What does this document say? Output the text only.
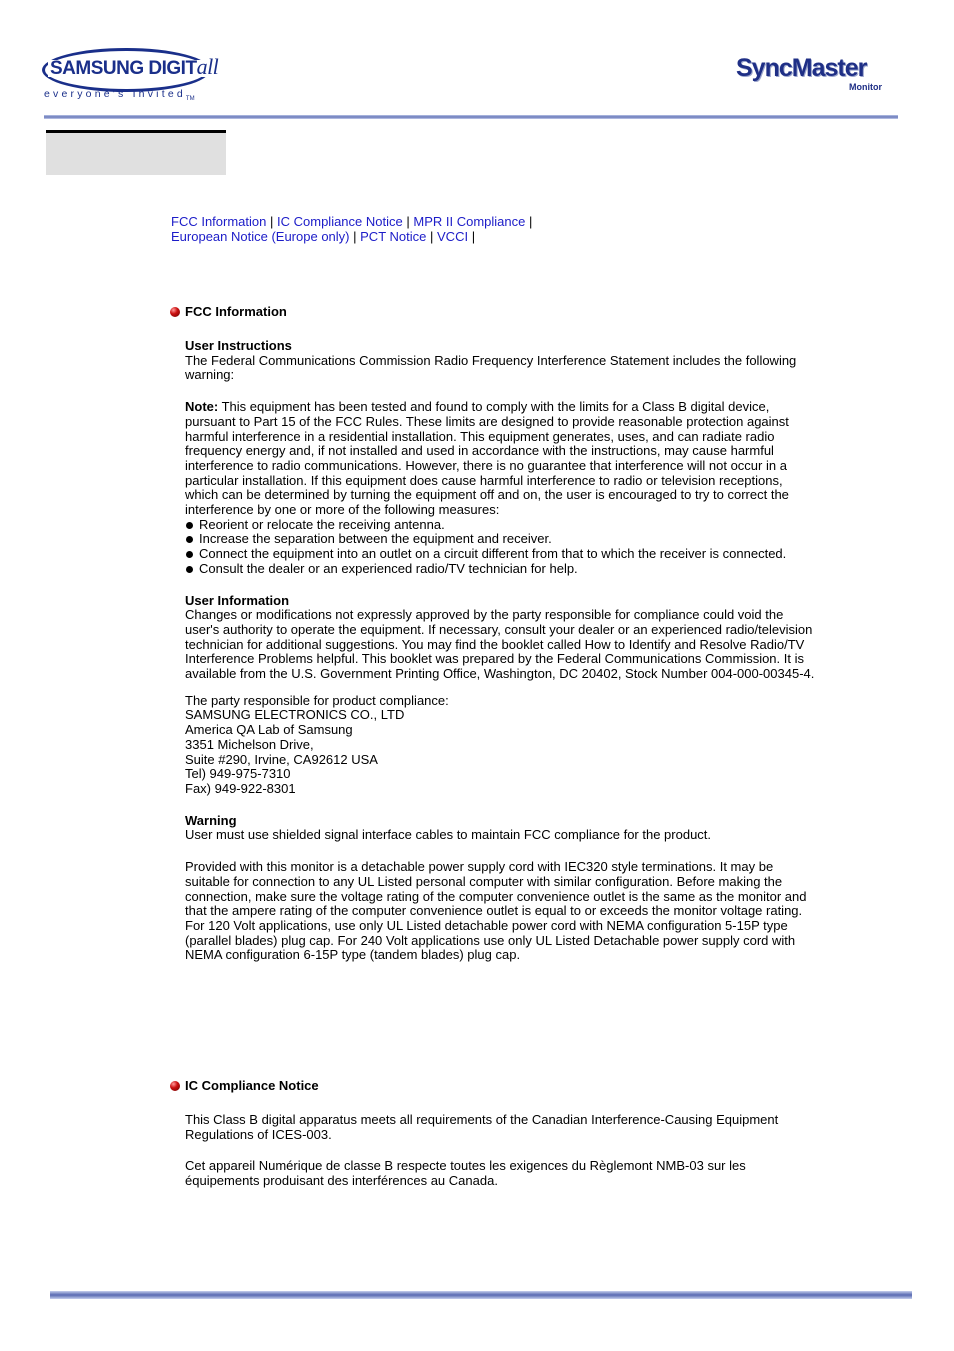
SAMSUNG DIGITall
everyone's Invited$_{TM}$
SyncMaster
Monitor
FCC Information | IC Compliance Notice | MPR II Compliance |
European Notice (Europe only) | PCT Notice | VCCI |
FCC Information

User Instructions

The Federal Communications Commission Radio Frequency Interference Statement includes the following warning:

Note: This equipment has been tested and found to comply with the limits for a Class B digital device, pursuant to Part 15 of the FCC Rules. These limits are designed to provide reasonable protection against harmful interference in a residential installation. This equipment generates, uses, and can radiate radio frequency energy and, if not installed and used in accordance with the instructions, may cause harmful interference to radio communications. However, there is no guarantee that interference will not occur in a particular installation. If this equipment does cause harmful interference to radio or television receptions, which can be determined by turning the equipment off and on, the user is encouraged to try to correct the interference by one or more of the following measures:

Reorient or relocate the receiving antenna.
Increase the separation between the equipment and receiver.
Connect the equipment into an outlet on a circuit different from that to which the receiver is connected.
Consult the dealer or an experienced radio/TV technician for help.

User Information

Changes or modifications not expressly approved by the party responsible for compliance could void the user's authority to operate the equipment. If necessary, consult your dealer or an experienced radio/television technician for additional suggestions. You may find the booklet called How to Identify and Resolve Radio/TV Interference Problems helpful. This booklet was prepared by the Federal Communications Commission. It is available from the U.S. Government Printing Office, Washington, DC 20402, Stock Number 004-000-00345-4.

The party responsible for product compliance:

SAMSUNG ELECTRONICS CO., LTD

America QA Lab of Samsung

3351 Michelson Drive,

Suite #290, Irvine, CA92612 USA

Tel) 949-975-7310

Fax) 949-922-8301

Warning

User must use shielded signal interface cables to maintain FCC compliance for the product.

Provided with this monitor is a detachable power supply cord with IEC320 style terminations. It may be suitable for connection to any UL Listed personal computer with similar configuration. Before making the connection, make sure the voltage rating of the computer convenience outlet is the same as the monitor and that the ampere rating of the computer convenience outlet is equal to or exceeds the monitor voltage rating.

For 120 Volt applications, use only UL Listed detachable power cord with NEMA configuration 5-15P type (parallel blades) plug cap. For 240 Volt applications use only UL Listed Detachable power supply cord with NEMA configuration 6-15P type (tandem blades) plug cap.

IC Compliance Notice

This Class B digital apparatus meets all requirements of the Canadian Interference-Causing Equipment Regulations of ICES-003.

Cet appareil Numérique de classe B respecte toutes les exigences du Règlemont NMB-03 sur les équipements produisant des interférences au Canada.
